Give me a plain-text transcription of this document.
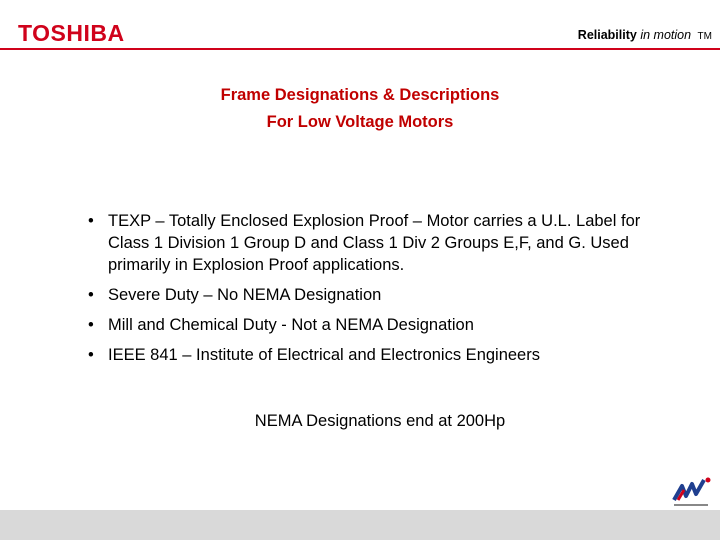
TOSHIBA	Reliability in motion TM
Frame Designations & Descriptions
For Low Voltage Motors
• TEXP – Totally Enclosed Explosion Proof – Motor carries a U.L. Label for Class 1 Division 1 Group D and Class 1 Div 2 Groups E,F, and G. Used primarily in Explosion Proof applications.
• Severe Duty – No NEMA Designation
• Mill and Chemical Duty - Not a NEMA Designation
• IEEE 841 – Institute of Electrical and Electronics Engineers
NEMA Designations end at 200Hp
